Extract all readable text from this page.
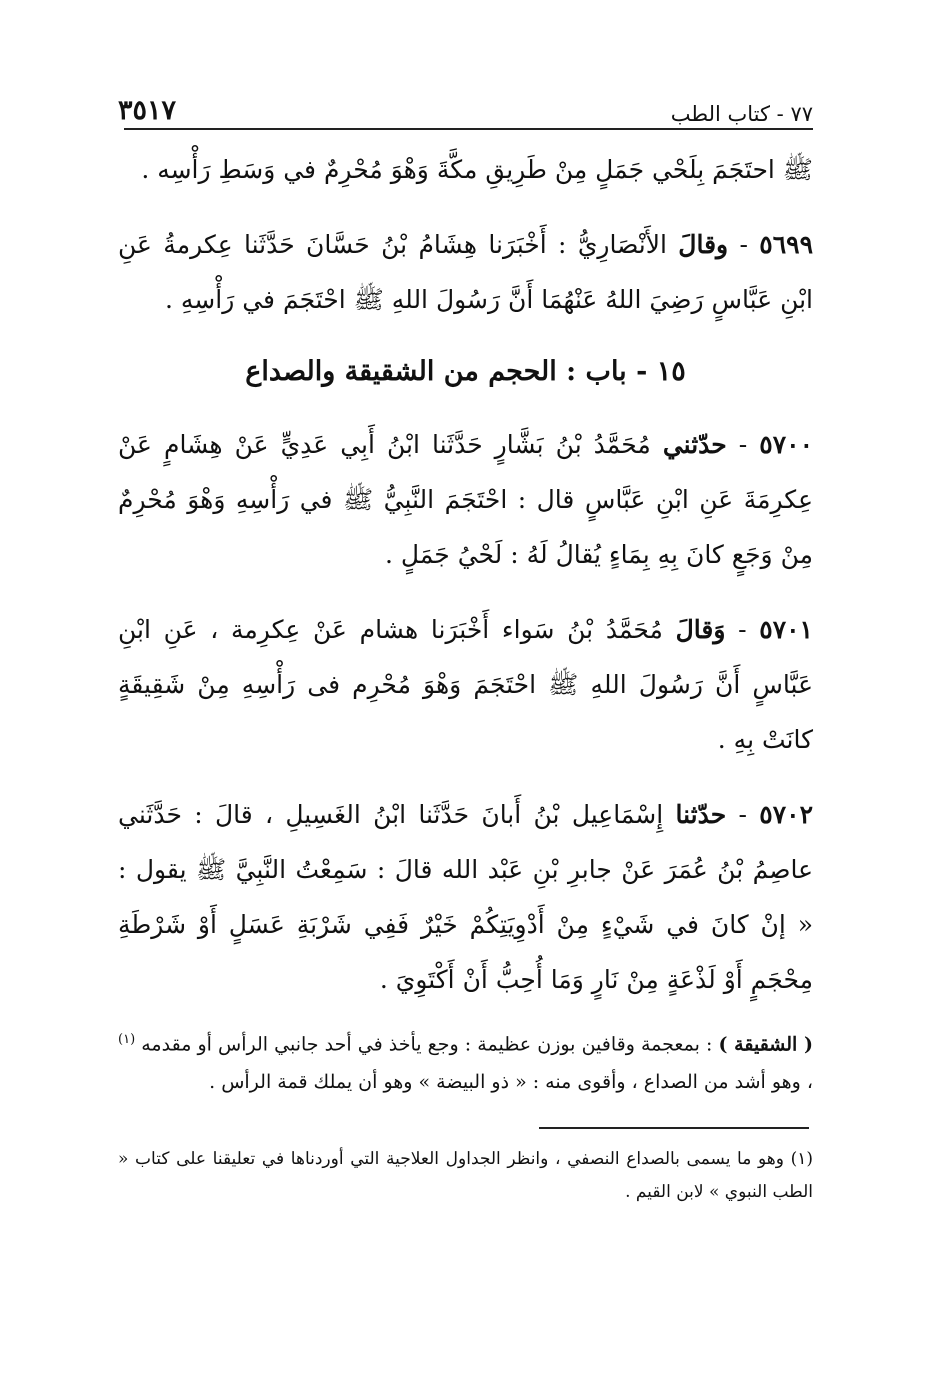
٧٧ - كتاب الطب
٣٥١٧

ﷺ احتَجَمَ بِلَحْي جَمَلٍ مِنْ طَرِيقِ مكَّةَ وَهْوَ مُحْرِمٌ في وَسَطِ رَأْسِه .

٥٦٩٩ - وقالَ الأَنْصَارِيُّ : أَخْبَرَنا هِشَامُ بْنُ حَسَّانَ حَدَّثَنا عِكرمةُ عَنِ ابْنِ عَبَّاسٍ رَضِيَ اللهُ عَنْهُمَا أَنَّ رَسُولَ اللهِ ﷺ احْتَجَمَ في رَأْسِهِ .

١٥ - باب : الحجم من الشقيقة والصداع

٥٧٠٠ - حدّثني مُحَمَّدُ بْنُ بَشَّارٍ حَدَّثَنا ابْنُ أَبِي عَدِيٍّ عَنْ هِشَامٍ عَنْ عِكرِمَةَ عَنِ ابْنِ عَبَّاسٍ قال : احْتَجَمَ النَّبِيُّ ﷺ في رَأْسِهِ وَهْوَ مُحْرِمٌ مِنْ وَجَعٍ كانَ بِهِ بِمَاءٍ يُقالُ لَهُ : لَحْيُ جَمَلٍ .

٥٧٠١ - وَقالَ مُحَمَّدُ بْنُ سَواء أَخْبَرَنا هشام عَنْ عِكرِمة ، عَنِ ابْنِ عَبَّاسٍ أَنَّ رَسُولَ اللهِ ﷺ احْتَجَمَ وَهْوَ مُحْرِم فى رَأْسِهِ مِنْ شَقِيقَةٍ كانَتْ بِهِ .

٥٧٠٢ - حدّثنا إِسْمَاعِيل بْنُ أَبانَ حَدَّثَنا ابْنُ الغَسِيلِ ، قالَ : حَدَّثَني عاصِمُ بْنُ عُمَرَ عَنْ جابرِ بْنِ عَبْد الله قالَ : سَمِعْتُ النَّبِيَّ ﷺ يقول : « إنْ كانَ في شَيْءٍ مِنْ أَدْوِيَتِكُمْ خَيْرٌ فَفِي شَرْبَةِ عَسَلٍ أَوْ شَرْطَةِ مِحْجَمٍ أَوْ لَذْعَةٍ مِنْ نَارٍ وَمَا أُحِبُّ أَنْ أَكْتَوِيَ .

( الشقيقة ) : بمعجمة وقافين بوزن عظيمة : وجع يأخذ في أحد جانبي الرأس أو مقدمه $^{(١)}$ ، وهو أشد من الصداع ، وأقوى منه : « ذو البيضة » وهو أن يملك قمة الرأس .
(١) وهو ما يسمى بالصداع النصفي ، وانظر الجداول العلاجية التي أوردناها في تعليقنا على كتاب « الطب النبوي » لابن القيم .
